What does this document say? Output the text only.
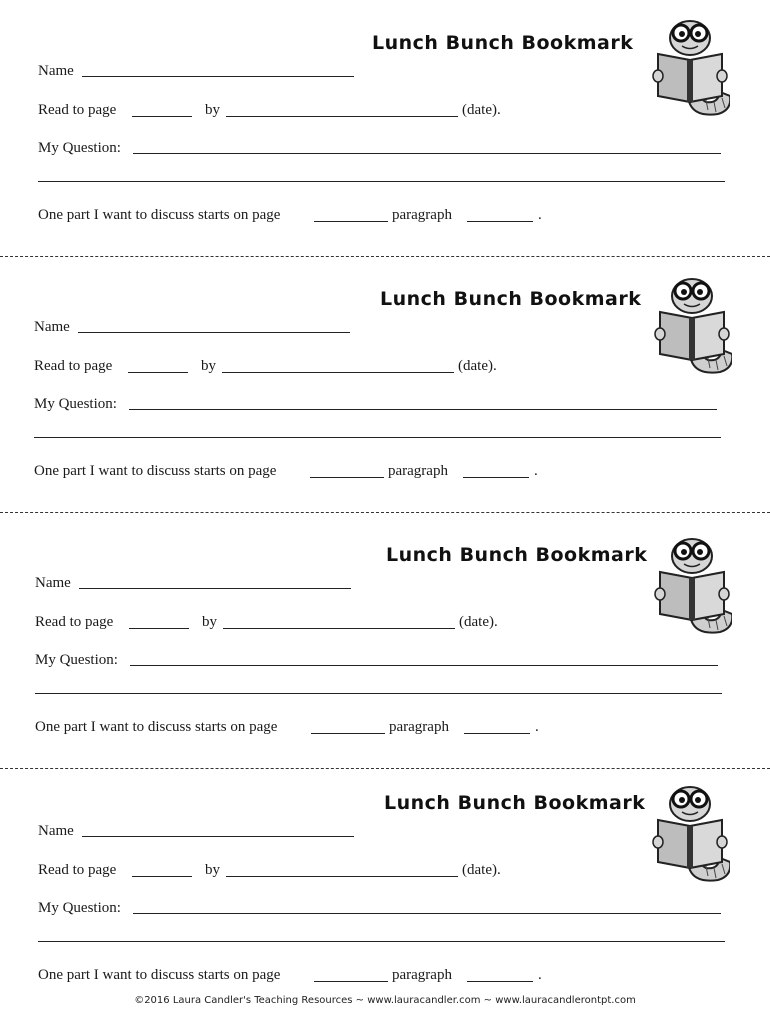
Lunch Bunch Bookmark
Name
Read to page	by	(date).
My Question:
One part I want to discuss starts on page	paragraph	.
Lunch Bunch Bookmark
Name
Read to page	by	(date).
My Question:
One part I want to discuss starts on page	paragraph	.
Lunch Bunch Bookmark
Name
Read to page	by	(date).
My Question:
One part I want to discuss starts on page	paragraph	.
Lunch Bunch Bookmark
Name
Read to page	by	(date).
My Question:
One part I want to discuss starts on page	paragraph	.
©2016 Laura Candler's Teaching Resources ~ www.lauracandler.com ~ www.lauracandlerontpt.com
